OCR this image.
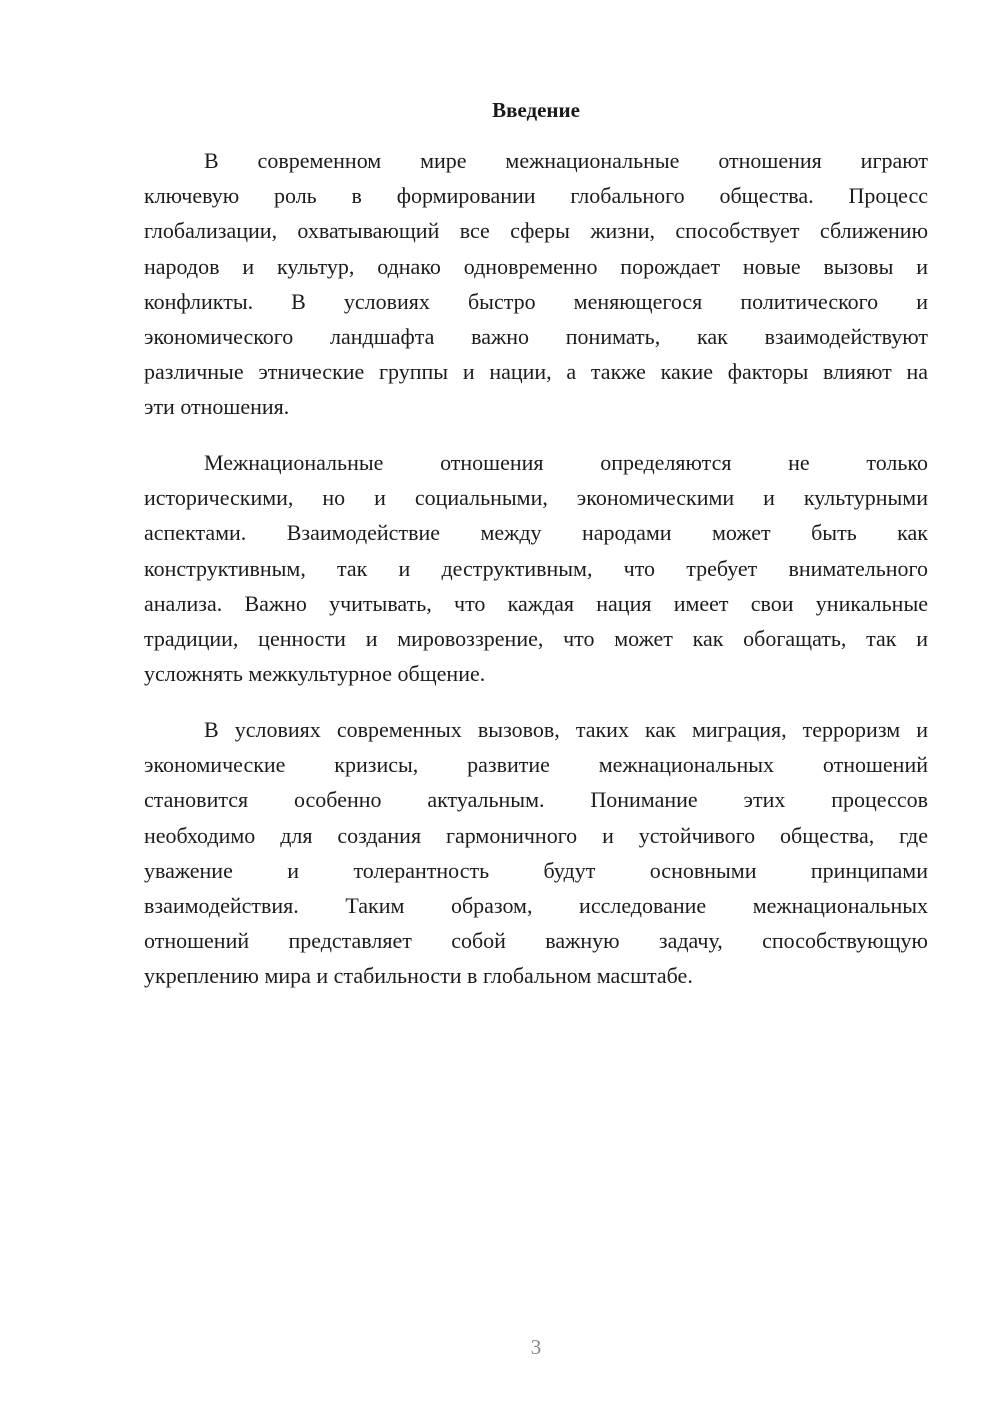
Введение

В современном мире межнациональные отношения играют
ключевую роль в формировании глобального общества. Процесс
глобализации, охватывающий все сферы жизни, способствует сближению
народов и культур, однако одновременно порождает новые вызовы и
конфликты. В условиях быстро меняющегося политического и
экономического ландшафта важно понимать, как взаимодействуют
различные этнические группы и нации, а также какие факторы влияют на
эти отношения.

Межнациональные отношения определяются не только
историческими, но и социальными, экономическими и культурными
аспектами. Взаимодействие между народами может быть как
конструктивным, так и деструктивным, что требует внимательного
анализа. Важно учитывать, что каждая нация имеет свои уникальные
традиции, ценности и мировоззрение, что может как обогащать, так и
усложнять межкультурное общение.

В условиях современных вызовов, таких как миграция, терроризм и
экономические кризисы, развитие межнациональных отношений
становится особенно актуальным. Понимание этих процессов
необходимо для создания гармоничного и устойчивого общества, где
уважение и толерантность будут основными принципами
взаимодействия. Таким образом, исследование межнациональных
отношений представляет собой важную задачу, способствующую
укреплению мира и стабильности в глобальном масштабе.

3
